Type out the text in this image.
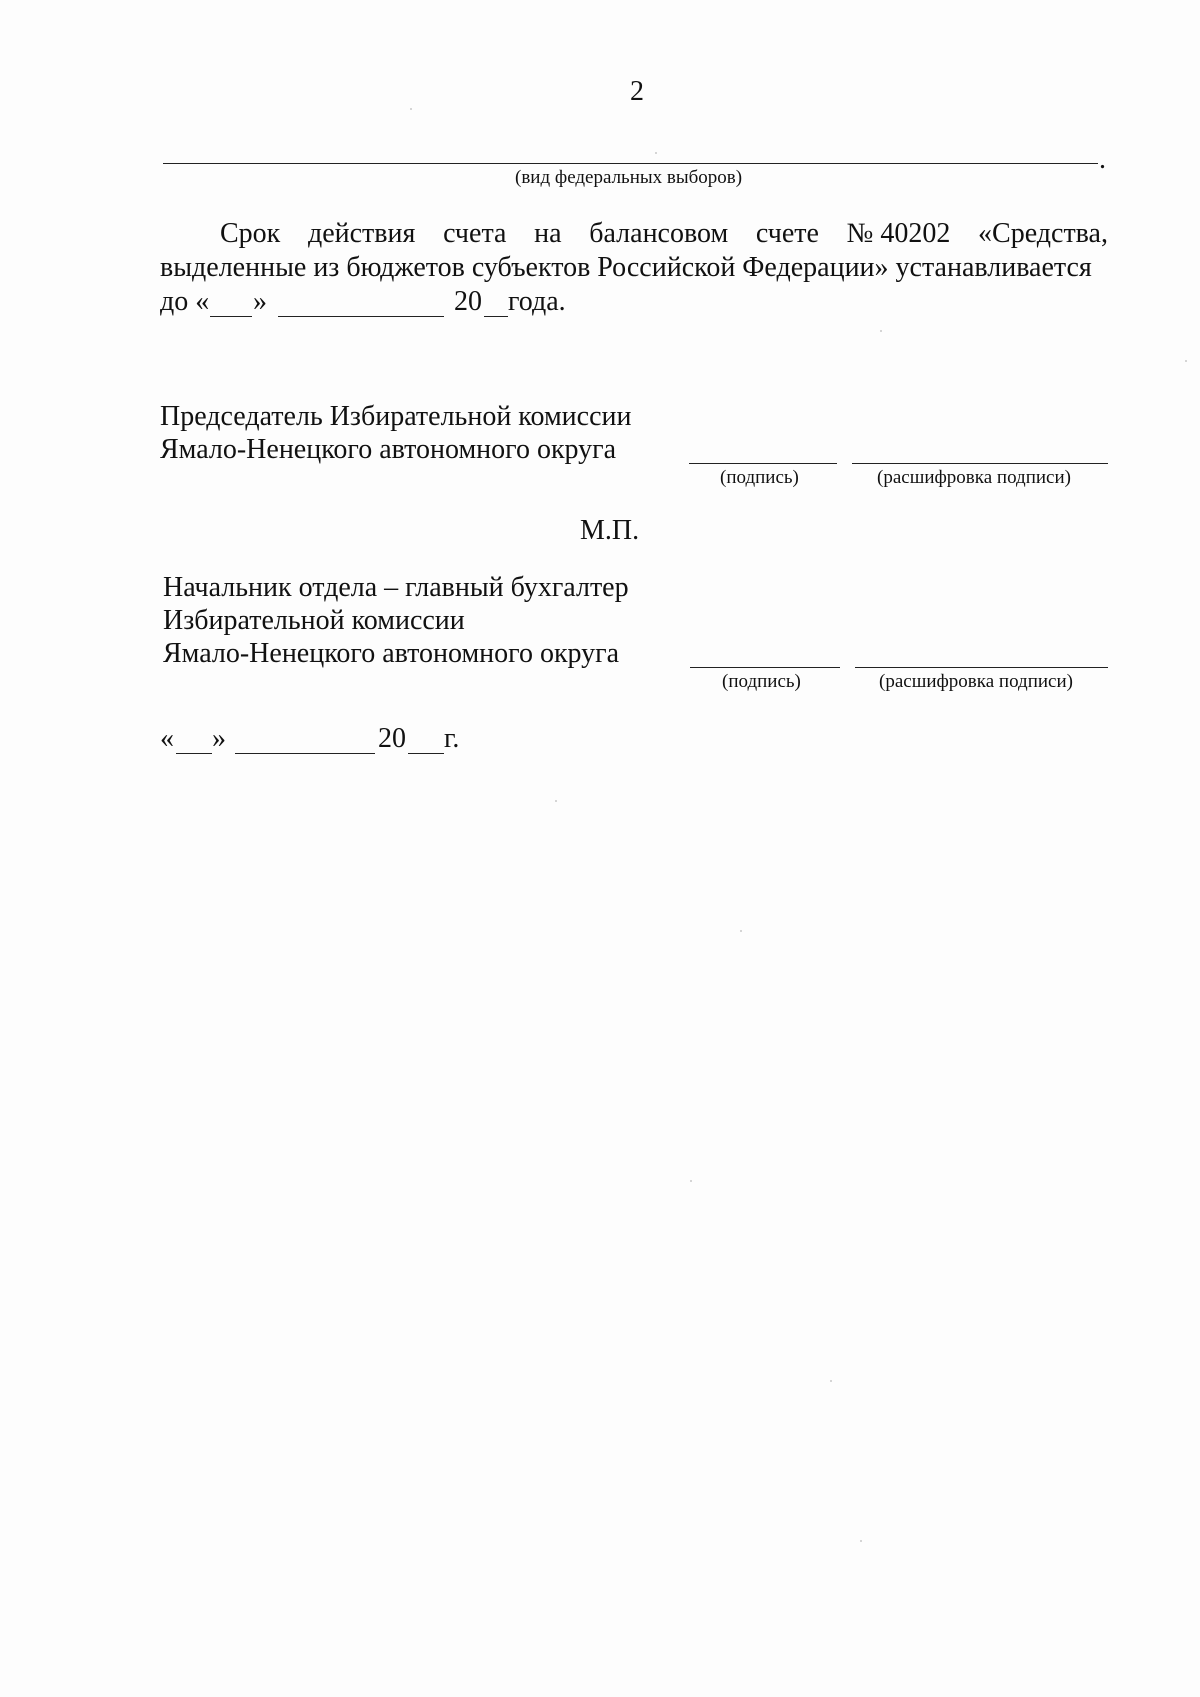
2
.
(вид федеральных выборов)
Срок действия счета на балансовом счете № 40202 «Средства,
выделенные из бюджетов субъектов Российской Федерации» устанавливается
до « »	20 года.
Председатель Избирательной комиссии
Ямало-Ненецкого автономного округа
(подпись)	(расшифровка подписи)
М.П.
Начальник отдела – главный бухгалтер
Избирательной комиссии
Ямало-Ненецкого автономного округа
(подпись)	(расшифровка подписи)
« »	20 г.
